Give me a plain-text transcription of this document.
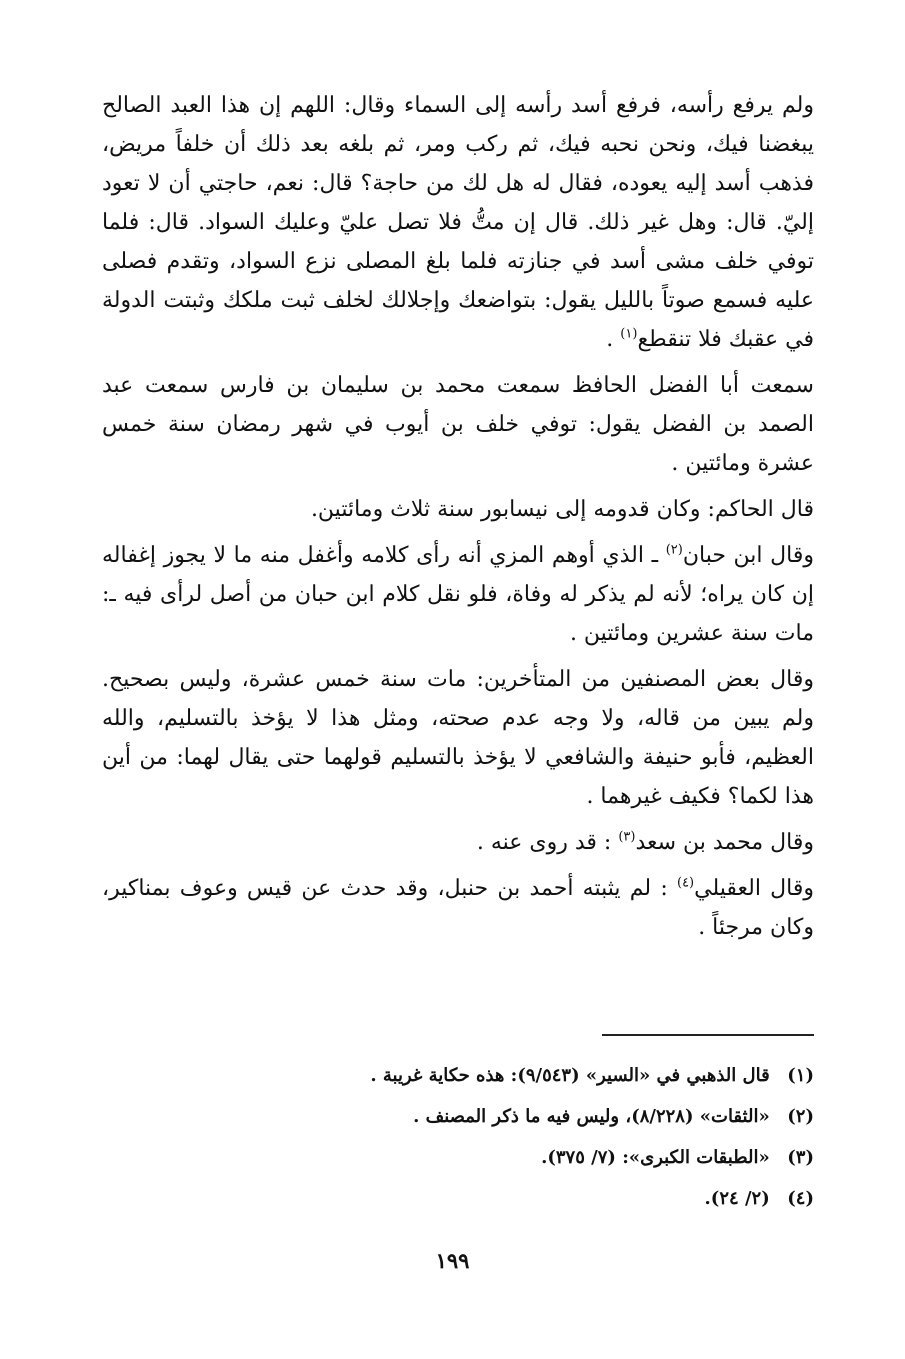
ولم يرفع رأسه، فرفع أسد رأسه إلى السماء وقال: اللهم إن هذا العبد الصالح يبغضنا فيك، ونحن نحبه فيك، ثم ركب ومر، ثم بلغه بعد ذلك أن خلفاً مريض، فذهب أسد إليه يعوده، فقال له هل لك من حاجة؟ قال: نعم، حاجتي أن لا تعود إليّ. قال: وهل غير ذلك. قال إن متُّ فلا تصل عليّ وعليك السواد. قال: فلما توفي خلف مشى أسد في جنازته فلما بلغ المصلى نزع السواد، وتقدم فصلى عليه فسمع صوتاً بالليل يقول: بتواضعك وإجلالك لخلف ثبت ملكك وثبتت الدولة في عقبك فلا تنقطع$^{(١)}$ .

سمعت أبا الفضل الحافظ سمعت محمد بن سليمان بن فارس سمعت عبد الصمد بن الفضل يقول: توفي خلف بن أيوب في شهر رمضان سنة خمس عشرة ومائتين .

قال الحاكم: وكان قدومه إلى نيسابور سنة ثلاث ومائتين.

وقال ابن حبان$^{(٢)}$ ـ الذي أوهم المزي أنه رأى كلامه وأغفل منه ما لا يجوز إغفاله إن كان يراه؛ لأنه لم يذكر له وفاة، فلو نقل كلام ابن حبان من أصل لرأى فيه ـ: مات سنة عشرين ومائتين .

وقال بعض المصنفين من المتأخرين: مات سنة خمس عشرة، وليس بصحيح. ولم يبين من قاله، ولا وجه عدم صحته، ومثل هذا لا يؤخذ بالتسليم، والله العظيم، فأبو حنيفة والشافعي لا يؤخذ بالتسليم قولهما حتى يقال لهما: من أين هذا لكما؟ فكيف غيرهما .

وقال محمد بن سعد$^{(٣)}$ : قد روى عنه .

وقال العقيلي$^{(٤)}$ : لم يثبته أحمد بن حنبل، وقد حدث عن قيس وعوف بمناكير، وكان مرجئاً .

(١) قال الذهبي في «السير» (٩/٥٤٣): هذه حكاية غريبة .
(٢) «الثقات» (٨/٢٢٨)، وليس فيه ما ذكر المصنف .
(٣) «الطبقات الكبرى»: (٧/ ٣٧٥).
(٤) (٢/ ٢٤).
١٩٩
